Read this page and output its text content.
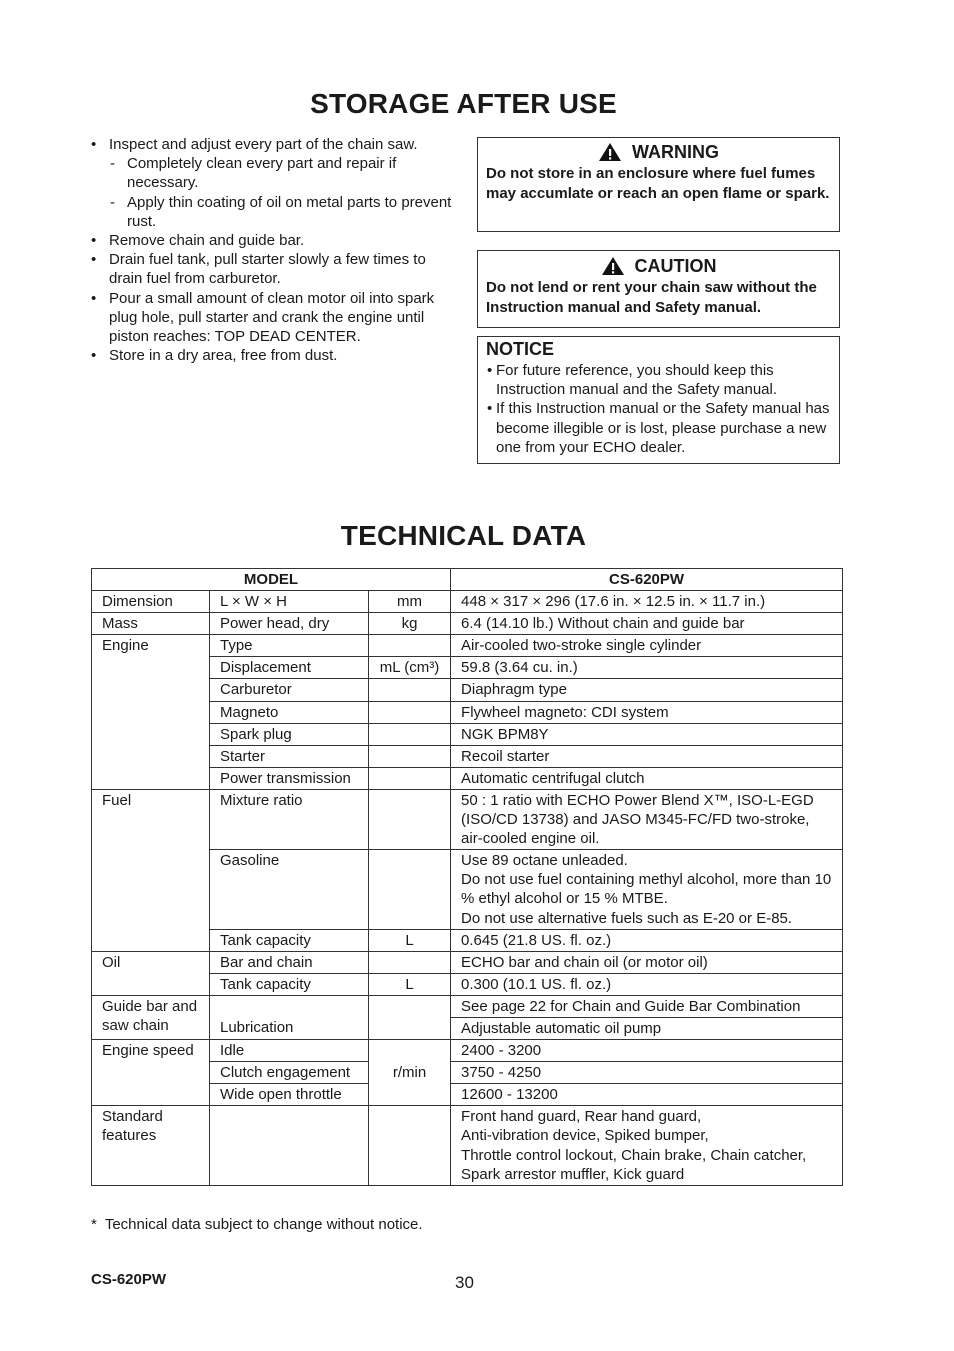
STORAGE AFTER USE
• Inspect and adjust every part of the chain saw.
- Completely clean every part and repair if necessary.
- Apply thin coating of oil on metal parts to prevent rust.
• Remove chain and guide bar.
• Drain fuel tank, pull starter slowly a few times to drain fuel from carburetor.
• Pour a small amount of clean motor oil into spark plug hole, pull starter and crank the engine until piston reaches: TOP DEAD CENTER.
• Store in a dry area, free from dust.
WARNING
Do not store in an enclosure where fuel fumes may accumlate or reach an open flame or spark.
CAUTION
Do not lend or rent your chain saw without the Instruction manual and Safety manual.
NOTICE
• For future reference, you should keep this Instruction manual and the Safety manual.
• If this Instruction manual or the Safety manual has become illegible or is lost, please purchase a new one from your ECHO dealer.
TECHNICAL DATA
MODEL			CS-620PW
Dimension	L × W × H	mm	448 × 317 × 296 (17.6 in. × 12.5 in. × 11.7 in.)
Mass	Power head, dry	kg	6.4 (14.10 lb.) Without chain and guide bar
Engine	Type		Air-cooled two-stroke single cylinder
	Displacement	mL (cm³)	59.8 (3.64 cu. in.)
	Carburetor		Diaphragm type
	Magneto		Flywheel magneto: CDI system
	Spark plug		NGK BPM8Y
	Starter		Recoil starter
	Power transmission		Automatic centrifugal clutch
Fuel	Mixture ratio		50 : 1 ratio with ECHO Power Blend X™, ISO-L-EGD (ISO/CD 13738) and JASO M345-FC/FD two-stroke, air-cooled engine oil.
	Gasoline		Use 89 octane unleaded.
Do not use fuel containing methyl alcohol, more than 10 % ethyl alcohol or 15 % MTBE.
Do not use alternative fuels such as E-20 or E-85.

	Tank capacity	L	0.645 (21.8 US. fl. oz.)
Oil	Bar and chain		ECHO bar and chain oil (or motor oil)
	Tank capacity	L	0.300 (10.1 US. fl. oz.)
Guide bar and saw chain			See page 22 for Chain and Guide Bar Combination
	Lubrication		Adjustable automatic oil pump
Engine speed	Idle	r/min	2400 - 3200
	Clutch engagement		3750 - 4250
	Wide open throttle		12600 - 13200
Standard features			Front hand guard, Rear hand guard,
Anti-vibration device, Spiked bumper,
Throttle control lockout, Chain brake, Chain catcher,
Spark arrestor muffler, Kick guard
* Technical data subject to change without notice.
CS-620PW	30
